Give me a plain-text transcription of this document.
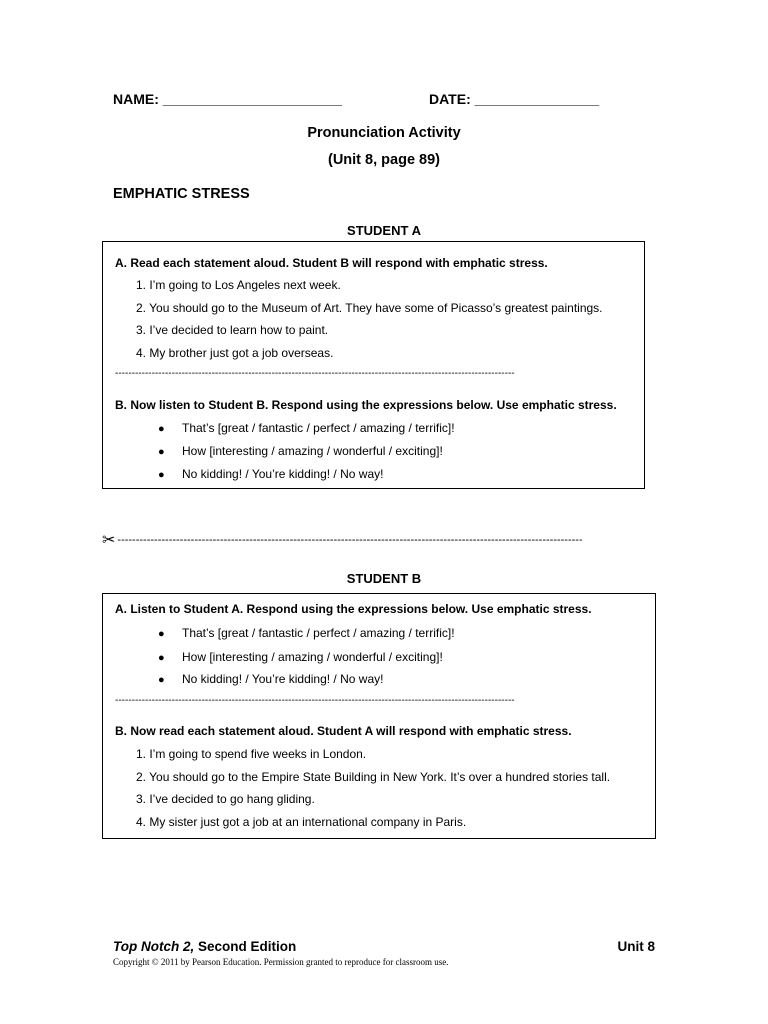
NAME: _______________________	DATE: ________________
Pronunciation Activity
(Unit 8, page 89)
EMPHATIC STRESS
STUDENT A
A. Read each statement aloud. Student B will respond with emphatic stress.
1. I’m going to Los Angeles next week.
2. You should go to the Museum of Art. They have some of Picasso’s greatest paintings.
3. I’ve decided to learn how to paint.
4. My brother just got a job overseas.
------------------------------------------------------------------------------------------------------------------------
B. Now listen to Student B. Respond using the expressions below. Use emphatic stress.
● That’s [great / fantastic / perfect / amazing / terrific]!
● How [interesting / amazing / wonderful / exciting]!
● No kidding! / You’re kidding! / No way!
✂ -------------------------------------------------------------------------------------------------------------------------------
STUDENT B
A. Listen to Student A. Respond using the expressions below. Use emphatic stress.
● That’s [great / fantastic / perfect / amazing / terrific]!
● How [interesting / amazing / wonderful / exciting]!
● No kidding! / You’re kidding! / No way!
------------------------------------------------------------------------------------------------------------------------
B. Now read each statement aloud. Student A will respond with emphatic stress.
1. I’m going to spend five weeks in London.
2. You should go to the Empire State Building in New York. It’s over a hundred stories tall.
3. I’ve decided to go hang gliding.
4. My sister just got a job at an international company in Paris.
Top Notch 2, Second Edition	Unit 8
Copyright © 2011 by Pearson Education. Permission granted to reproduce for classroom use.
